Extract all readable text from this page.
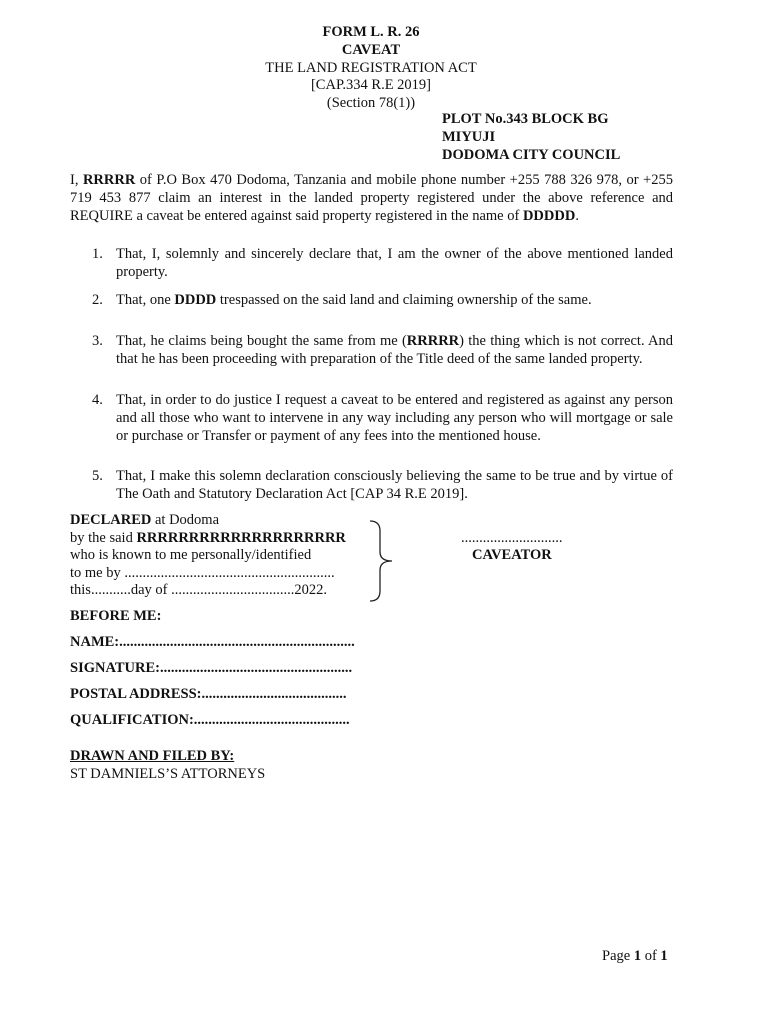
FORM L. R. 26
CAVEAT
THE LAND REGISTRATION ACT
[CAP.334 R.E 2019]
(Section 78(1))
PLOT No.343 BLOCK BG
MIYUJI
DODOMA CITY COUNCIL
I, RRRRR of P.O Box 470 Dodoma, Tanzania and mobile phone number +255 788 326 978, or +255 719 453 877 claim an interest in the landed property registered under the above reference and REQUIRE a caveat be entered against said property registered in the name of DDDDD.
1. That, I, solemnly and sincerely declare that, I am the owner of the above mentioned landed property.
2. That, one DDDD trespassed on the said land and claiming ownership of the same.
3. That, he claims being bought the same from me (RRRRR) the thing which is not correct. And that he has been proceeding with preparation of the Title deed of the same landed property.
4. That, in order to do justice I request a caveat to be entered and registered as against any person and all those who want to intervene in any way including any person who will mortgage or sale or purchase or Transfer or payment of any fees into the mentioned house.
5. That, I make this solemn declaration consciously believing the same to be true and by virtue of The Oath and Statutory Declaration Act [CAP 34 R.E 2019].
DECLARED at Dodoma
by the said RRRRRRRRRRRRRRRRRRRR
who is known to me personally/identified
to me by ..........................................................
this...........day of ..................................2022.
............................
CAVEATOR
BEFORE ME:
NAME:.................................................................
SIGNATURE:.....................................................
POSTAL ADDRESS:........................................
QUALIFICATION:...........................................
DRAWN AND FILED BY:
ST DAMNIELS’S ATTORNEYS
Page 1 of 1
